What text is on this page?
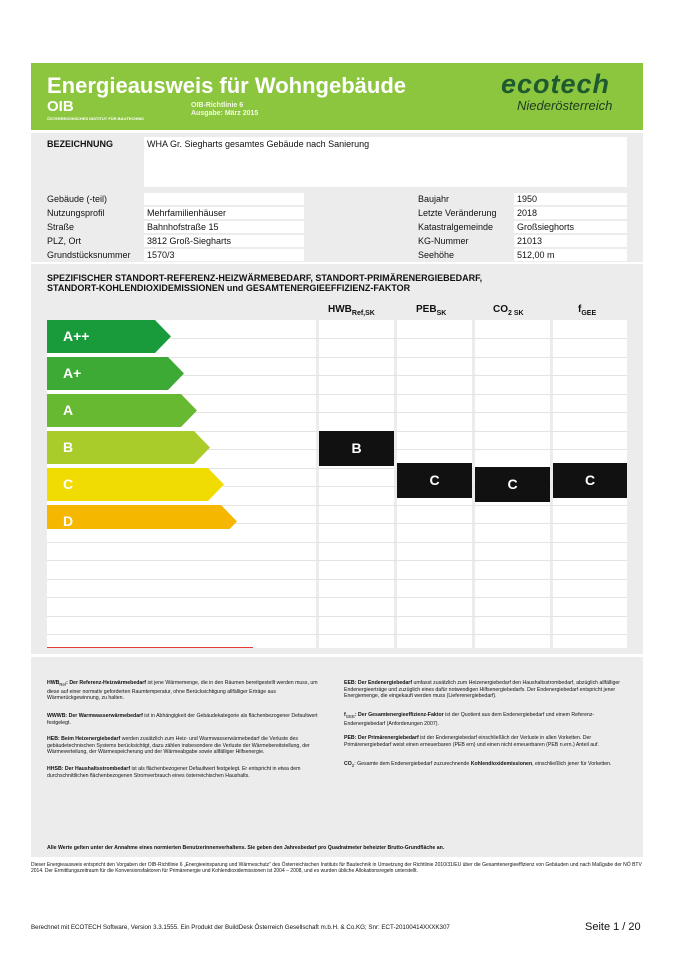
Energieausweis für Wohngebäude
OIB
ÖSTERREICHISCHES INSTITUT FÜR BAUTECHNIK
OIB-Richtlinie 6
Ausgabe: März 2015
ecotech
Niederösterreich
BEZEICHNUNG	WHA Gr. Siegharts gesamtes Gebäude nach Sanierung
Gebäude (-teil)
Nutzungsprofil	Mehrfamilienhäuser
Straße	Bahnhofstraße 15
PLZ, Ort	3812 Groß-Siegharts
Grundstücksnummer	1570/3
Baujahr	1950
Letzte Veränderung	2018
Katastralgemeinde	Großsieghorts
KG-Nummer	21013
Seehöhe	512,00 m
SPEZIFISCHER STANDORT-REFERENZ-HEIZWÄRMEBEDARF, STANDORT-PRIMÄRENERGIEBEDARF,
STANDORT-KOHLENDIOXIDEMISSIONEN und GESAMTENERGIEEFFIZIENZ-FAKTOR
$HWB_{Ref,SK}$	$PEB_{SK}$	$CO_{2 SK}$	$f_{GEE}$
A++
A+
A
B
C
D
B
C	C	C
$HWB_{Ref}$: Der Referenz-Heizwärmebedarf ist jene Wärmemenge, die in den Räumen bereitgestellt werden muss, um diese auf einer normativ geforderten Raumtemperatur, ohne Berücksichtigung allfälliger Erträge aus Wärmerückgewinnung, zu halten.
WWWB: Der Warmwasserwärmebedarf ist in Abhängigkeit der Gebäudekategorie als flächenbezogener Defaultwert festgelegt.
HEB: Beim Heizenergiebedarf werden zusätzlich zum Heiz- und Warmwasserwärmebedarf die Verluste des gebäudetechnischen Systems berücksichtigt, dazu zählen insbesondere die Verluste der Wärmebereitstellung, der Wärmeverteilung, der Wärmespeicherung und der Wärmeabgabe sowie allfälliger Hilfsenergie.
HHSB: Der Haushaltsstrombedarf ist als flächenbezogener Defaultwert festgelegt. Er entspricht in etwa dem durchschnittlichen flächenbezogenen Stromverbrauch eines österreichischen Haushalts.
EEB: Der Endenergiebedarf umfasst zusätzlich zum Heizenergiebedarf den Haushaltsstrombedarf, abzüglich allfälliger Endenergieerträge und zuzüglich eines dafür notwendigen Hilfsenergiebedarfs. Der Endenergiebedarf entspricht jener Energiemenge, die eingekauft werden muss (Lieferenergiebedarf).
$f_{GEE}$: Der Gesamtenergieeffizienz-Faktor ist der Quotient aus dem Endenergiebedarf und einem Referenz-Endenergiebedarf (Anforderungen 2007).
PEB: Der Primärenergiebedarf ist der Endenergiebedarf einschließlich der Verluste in allen Vorketten. Der Primärenergiebedarf weist einen erneuerbaren (PEB ern) und einen nicht erneuerbaren (PEB n.ern.) Anteil auf.
$CO_2$: Gesamte dem Endenergiebedarf zuzurechnende Kohlendioxidemissionen, einschließlich jener für Vorketten.
Alle Werte gelten unter der Annahme eines normierten Benutzerinnenverhaltens. Sie geben den Jahresbedarf pro Quadratmeter beheizter Brutto-Grundfläche an.
Dieser Energieausweis entspricht den Vorgaben der OIB-Richtlinie 6 „Energieeinsparung und Wärmeschutz“ des Österreichischen Instituts für Bautechnik in Umsetzung der Richtlinie 2010/31/EU über die Gesamtenergieeffizienz von Gebäuden und nach Maßgabe der NÖ BTV 2014. Der Ermittlungszeitraum für die Konversionsfaktoren für Primärenergie und Kohlendioxidemissionen ist 2004 – 2008, und es wurden übliche Allokationsregeln unterstellt.
Berechnet mit ECOTECH Software, Version 3.3.1555. Ein Produkt der BuildDesk Österreich Gesellschaft m.b.H. & Co.KG; Snr: ECT-20100414XXXK307	Seite 1 / 20
